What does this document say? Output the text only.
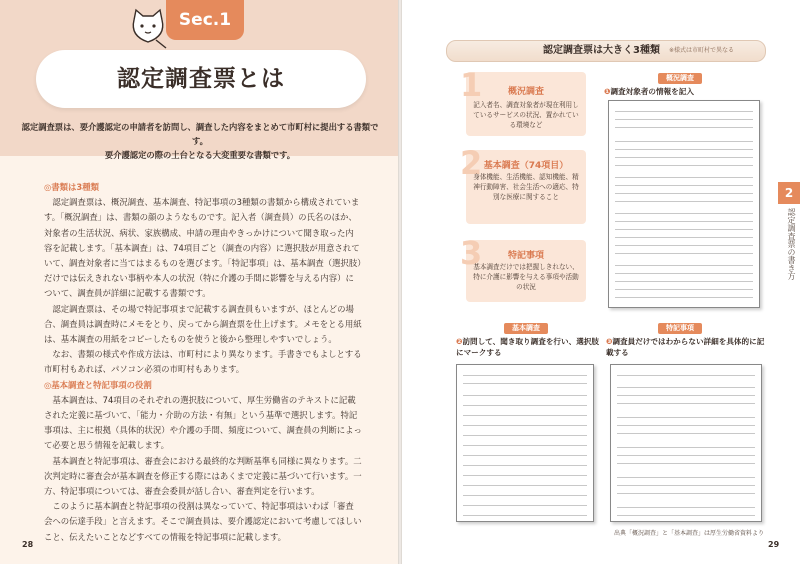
Sec.1
認定調査票とは
認定調査票は、要介護認定の申請者を訪問し、調査した内容をまとめて市町村に提出する書類です。
要介護認定の際の土台となる大変重要な書類です。

◎書類は3種類

認定調査票は、概況調査、基本調査、特記事項の3種類の書類から構成されています。「概況調査」は、書類の顔のようなものです。記入者（調査員）の氏名のほか、対象者の生活状況、病状、家族構成、申請の理由やきっかけについて聞き取った内容を記載します。「基本調査」は、74項目ごと（調査の内容）に選択肢が用意されていて、調査対象者に当てはまるものを選びます。「特記事項」は、基本調査（選択肢）だけでは伝えきれない事柄や本人の状況（特に介護の手間に影響を与える内容）について、調査員が詳細に記載する書類です。

認定調査票は、その場で特記事項まで記載する調査員もいますが、ほとんどの場合、調査員は調査時にメモをとり、戻ってから調査票を仕上げます。メモをとる用紙は、基本調査の用紙をコピーしたものを使うと後から整理しやすいでしょう。

なお、書類の様式や作成方法は、市町村により異なります。手書きでもよしとする市町村もあれば、パソコン必須の市町村もあります。

◎基本調査と特記事項の役割

基本調査は、74項目のそれぞれの選択肢について、厚生労働省のテキストに記載された定義に基づいて、「能力・介助の方法・有無」という基準で選択します。特記事項は、主に根拠（具体的状況）や介護の手間、頻度について、調査員の判断によって必要と思う情報を記載します。

基本調査と特記事項は、審査会における最終的な判断基準も同様に異なります。二次判定時に審査会が基本調査を修正する際にはあくまで定義に基づいて行います。一方、特記事項については、審査会委員が話し合い、審査判定を行います。

このように基本調査と特記事項の役割は異なっていて、特記事項はいわば「審査会への伝達手段」と言えます。そこで調査員は、要介護認定において考慮してほしいこと、伝えたいことなどすべての情報を特記事項に記載します。

28
認定調査票は大きく3種類 ※様式は市町村で異なる
1	概況調査
記入者名、調査対象者が現在利用しているサービスの状況、置かれている環境など
2 基本調査（74項目）
身体機能、生活機能、認知機能、精神行動障害、社会生活への適応、特別な医療に関すること
3	特記事項
基本調査だけでは把握しきれない、特に介護に影響を与える事項や活動の状況
概況調査
❶調査対象者の情報を記入
基本調査
❷訪問して、聞き取り調査を行い、選択肢にマークする
特記事項
❸調査員だけではわからない詳細を具体的に記載する
2
認定調査票の書き方
出典「概況調査」と「基本調査」は厚生労働省資料より
29
